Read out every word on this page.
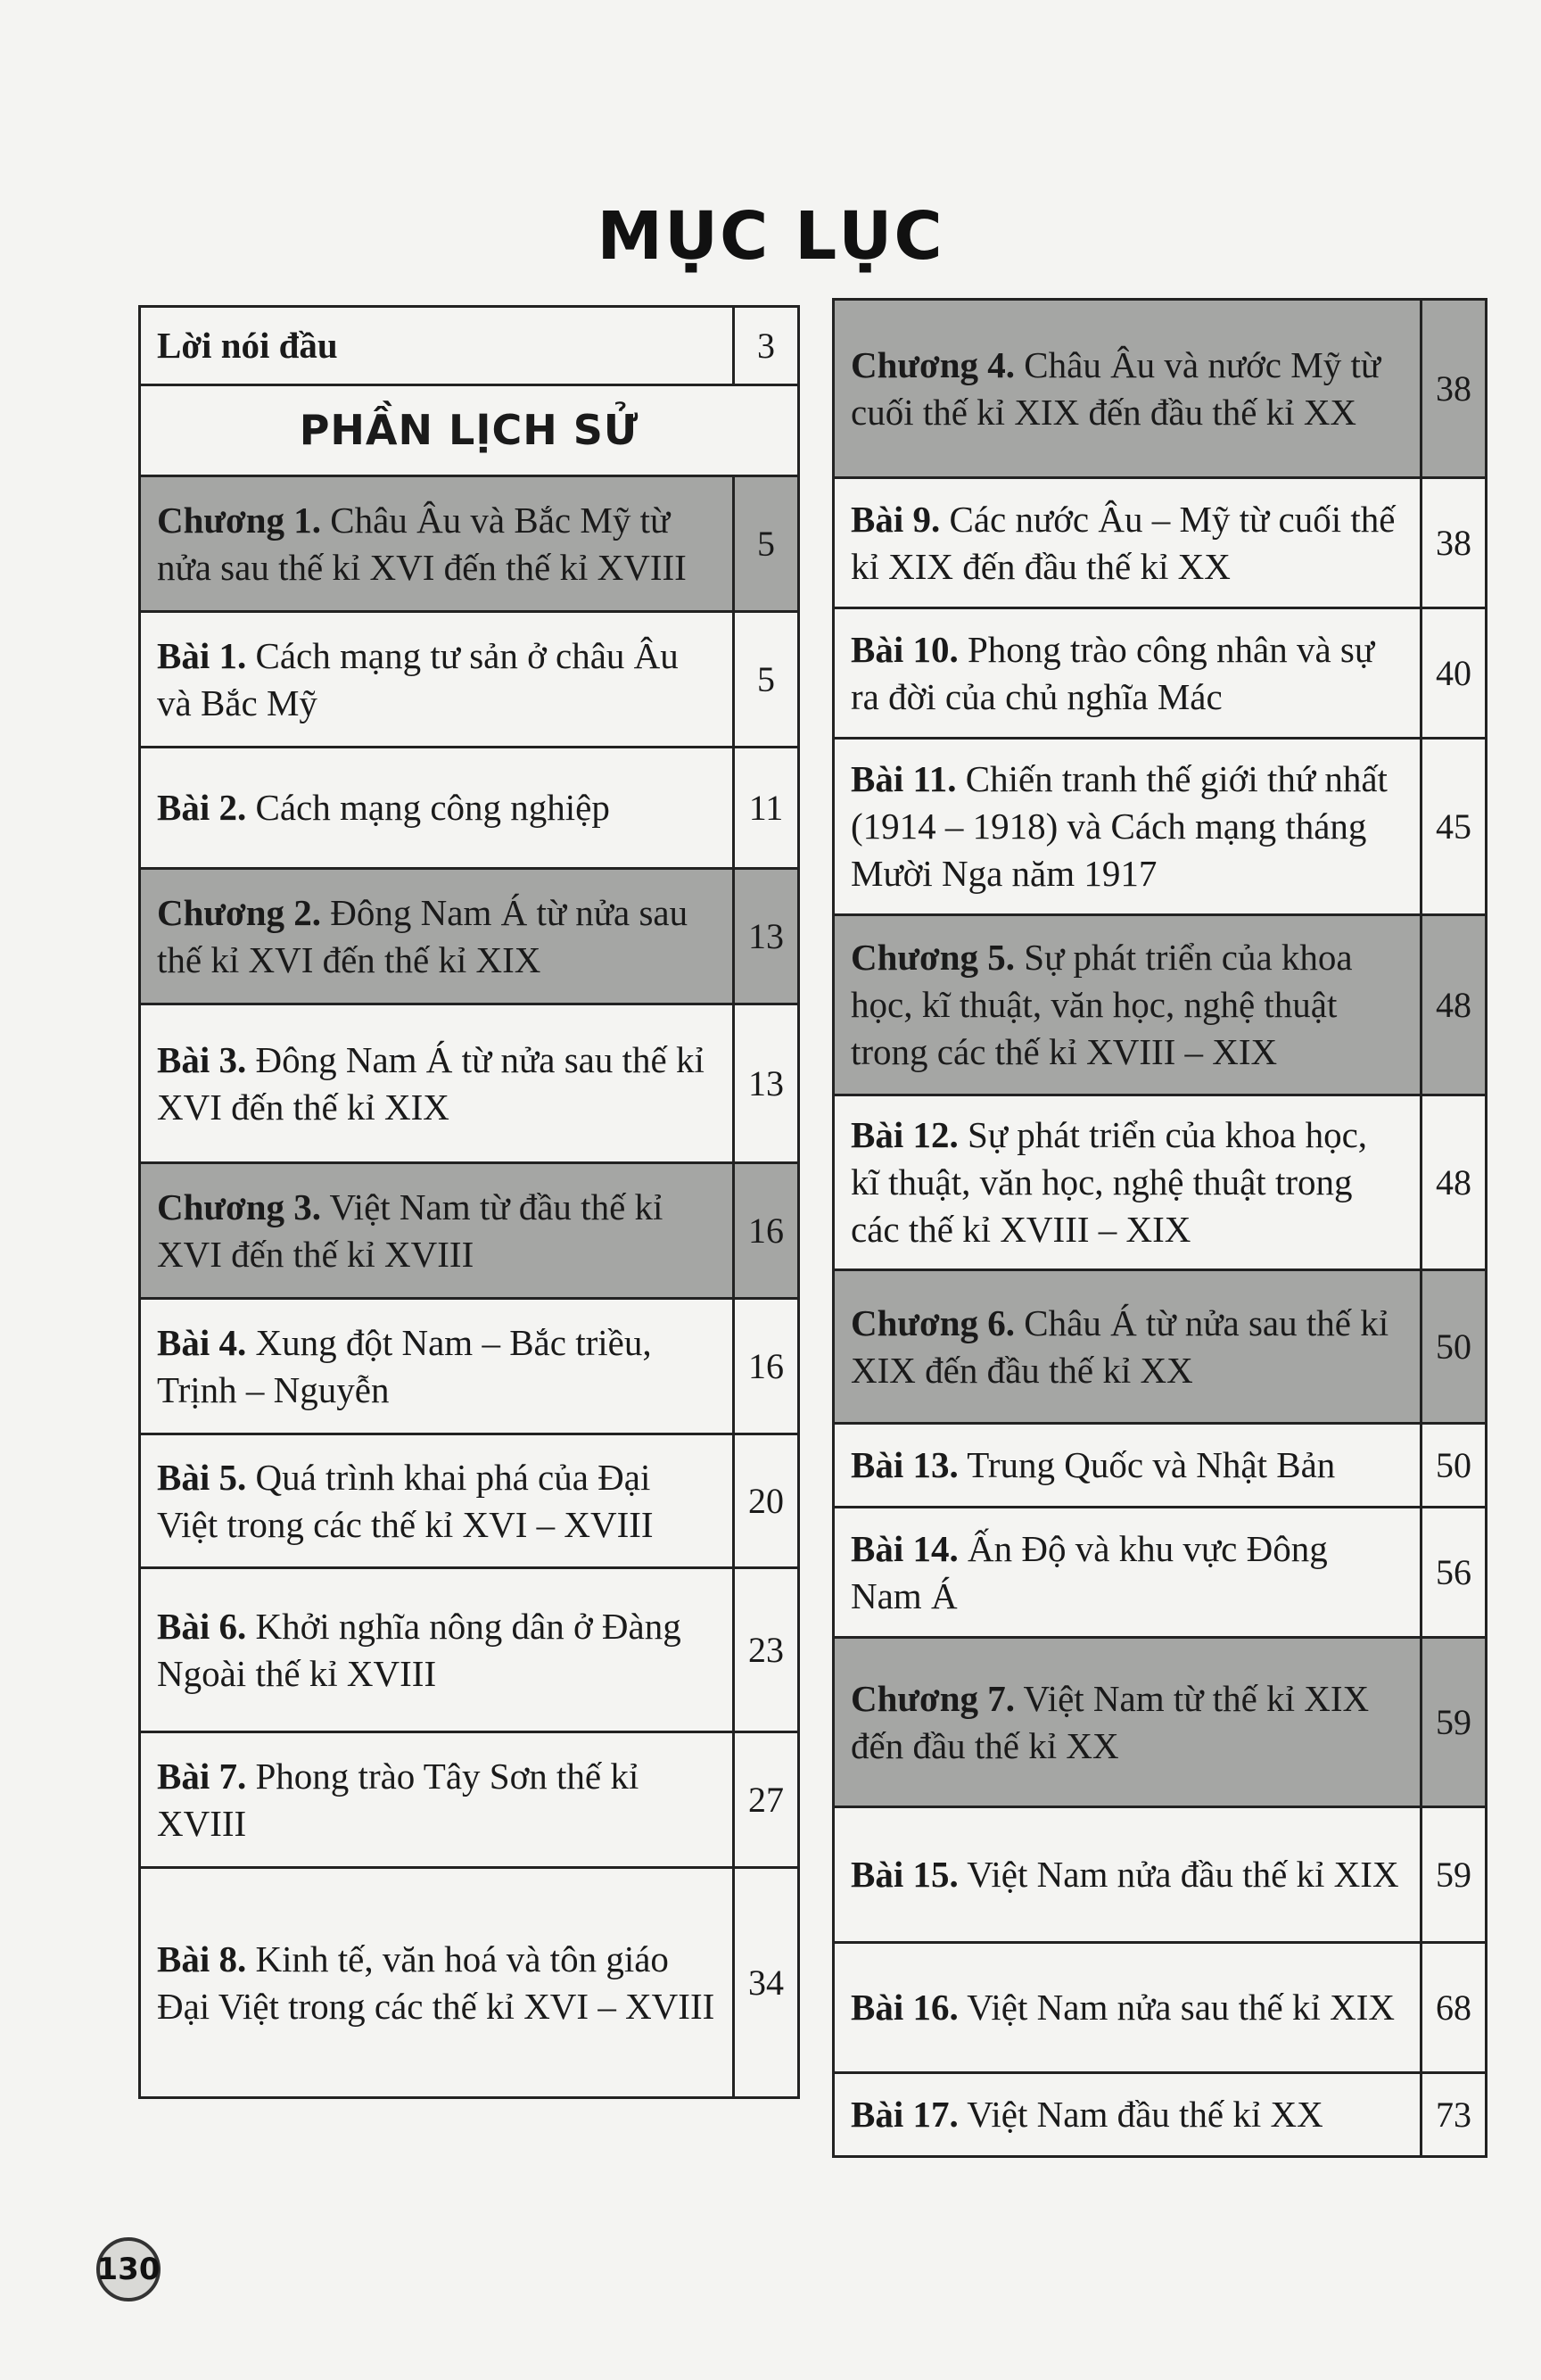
MỤC LỤC
Lời nói đầu	3
PHẦN LỊCH SỬ	
Chương 1. Châu Âu và Bắc Mỹ từ nửa sau thế kỉ XVI đến thế kỉ XVIII	5
Bài 1. Cách mạng tư sản ở châu Âu và Bắc Mỹ	5
Bài 2. Cách mạng công nghiệp	11
Chương 2. Đông Nam Á từ nửa sau thế kỉ XVI đến thế kỉ XIX	13
Bài 3. Đông Nam Á từ nửa sau thế kỉ XVI đến thế kỉ XIX	13
Chương 3. Việt Nam từ đầu thế kỉ XVI đến thế kỉ XVIII	16
Bài 4. Xung đột Nam – Bắc triều, Trịnh – Nguyễn	16
Bài 5. Quá trình khai phá của Đại Việt trong các thế kỉ XVI – XVIII	20
Bài 6. Khởi nghĩa nông dân ở Đàng Ngoài thế kỉ XVIII	23
Bài 7. Phong trào Tây Sơn thế kỉ XVIII	27
Bài 8. Kinh tế, văn hoá và tôn giáo Đại Việt trong các thế kỉ XVI – XVIII	34
Chương 4. Châu Âu và nước Mỹ từ cuối thế kỉ XIX đến đầu thế kỉ XX	38
Bài 9. Các nước Âu – Mỹ từ cuối thế kỉ XIX đến đầu thế kỉ XX	38
Bài 10. Phong trào công nhân và sự ra đời của chủ nghĩa Mác	40
Bài 11. Chiến tranh thế giới thứ nhất (1914 – 1918) và Cách mạng tháng Mười Nga năm 1917	45
Chương 5. Sự phát triển của khoa học, kĩ thuật, văn học, nghệ thuật trong các thế kỉ XVIII – XIX	48
Bài 12. Sự phát triển của khoa học, kĩ thuật, văn học, nghệ thuật trong các thế kỉ XVIII – XIX	48
Chương 6. Châu Á từ nửa sau thế kỉ XIX đến đầu thế kỉ XX	50
Bài 13. Trung Quốc và Nhật Bản	50
Bài 14. Ấn Độ và khu vực Đông Nam Á	56
Chương 7. Việt Nam từ thế kỉ XIX đến đầu thế kỉ XX	59
Bài 15. Việt Nam nửa đầu thế kỉ XIX	59
Bài 16. Việt Nam nửa sau thế kỉ XIX	68
Bài 17. Việt Nam đầu thế kỉ XX	73
130
